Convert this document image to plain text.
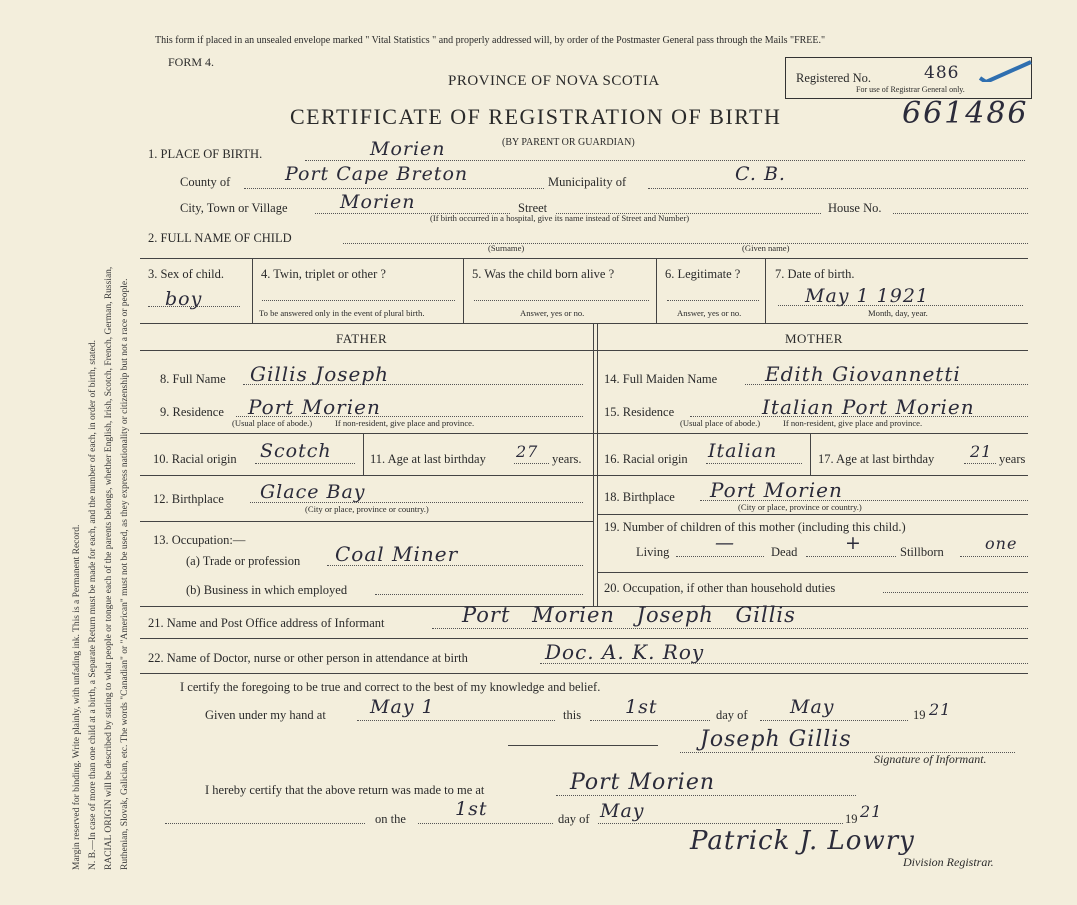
Margin reserved for binding. Write plainly, with unfading ink. This is a Permanent Record. N. B.—In case of more than one child at a birth, a Separate Return must be made for each, and the number of each, in order of birth, stated. RACIAL ORIGIN will be described by stating to what people or tongue each of the parents belongs, whether English, Irish, Scotch, French, German, Russian, Ruthenian, Slovak, Galician, etc. The words "Canadian" or "American" must not be used, as they express nationality or citizenship but not a race or people.
This form if placed in an unsealed envelope marked " Vital Statistics " and properly addressed will, by order of the Postmaster General pass through the Mails "FREE."
FORM 4.
PROVINCE OF NOVA SCOTIA
CERTIFICATE OF REGISTRATION OF BIRTH
(BY PARENT OR GUARDIAN)
661486
Registered No.	486
For use of Registrar General only.
1. PLACE OF BIRTH.	Morien
County of	Port Cape Breton	Municipality of	C. B.
City, Town or Village	Morien	Street	House No.
(If birth occurred in a hospital, give its name instead of Street and Number)
2. FULL NAME OF CHILD
(Surname)	(Given name)
3. Sex of child.
boy
4. Twin, triplet or other ?
To be answered only in the event of plural birth.
5. Was the child born alive ?
Answer, yes or no.
6. Legitimate ?
Answer, yes or no.
7. Date of birth.
May 1 1921
Month, day, year.
FATHER
8. Full Name Gillis Joseph
9. Residence Port Morien
(Usual place of abode.)	If non-resident, give place and province.
10. Racial origin Scotch	11. Age at last birthday 27 years.
12. Birthplace Glace Bay
(City or place, province or country.)
13. Occupation:—
(a) Trade or profession Coal Miner
(b) Business in which employed
MOTHER
14. Full Maiden Name Edith Giovannetti
15. Residence	Italian Port Morien
(Usual place of abode.)	If non-resident, give place and province.
16. Racial origin Italian	17. Age at last birthday 21 years
18. Birthplace Port Morien
(City or place, province or country.)
19. Number of children of this mother (including this child.)
Living —	Dead	+	Stillborn	one
20. Occupation, if other than household duties
21. Name and Post Office address of Informant	Port Morien Joseph Gillis
22. Name of Doctor, nurse or other person in attendance at birth	Doc. A. K. Roy
I certify the foregoing to be true and correct to the best of my knowledge and belief.
Given under my hand at May 1	this 1st	day of May	19 21
Joseph Gillis
Signature of Informant.
I hereby certify that the above return was made to me at	Port Morien
on the	1st	day of May	19 21
Patrick J. Lowry
Division Registrar.
